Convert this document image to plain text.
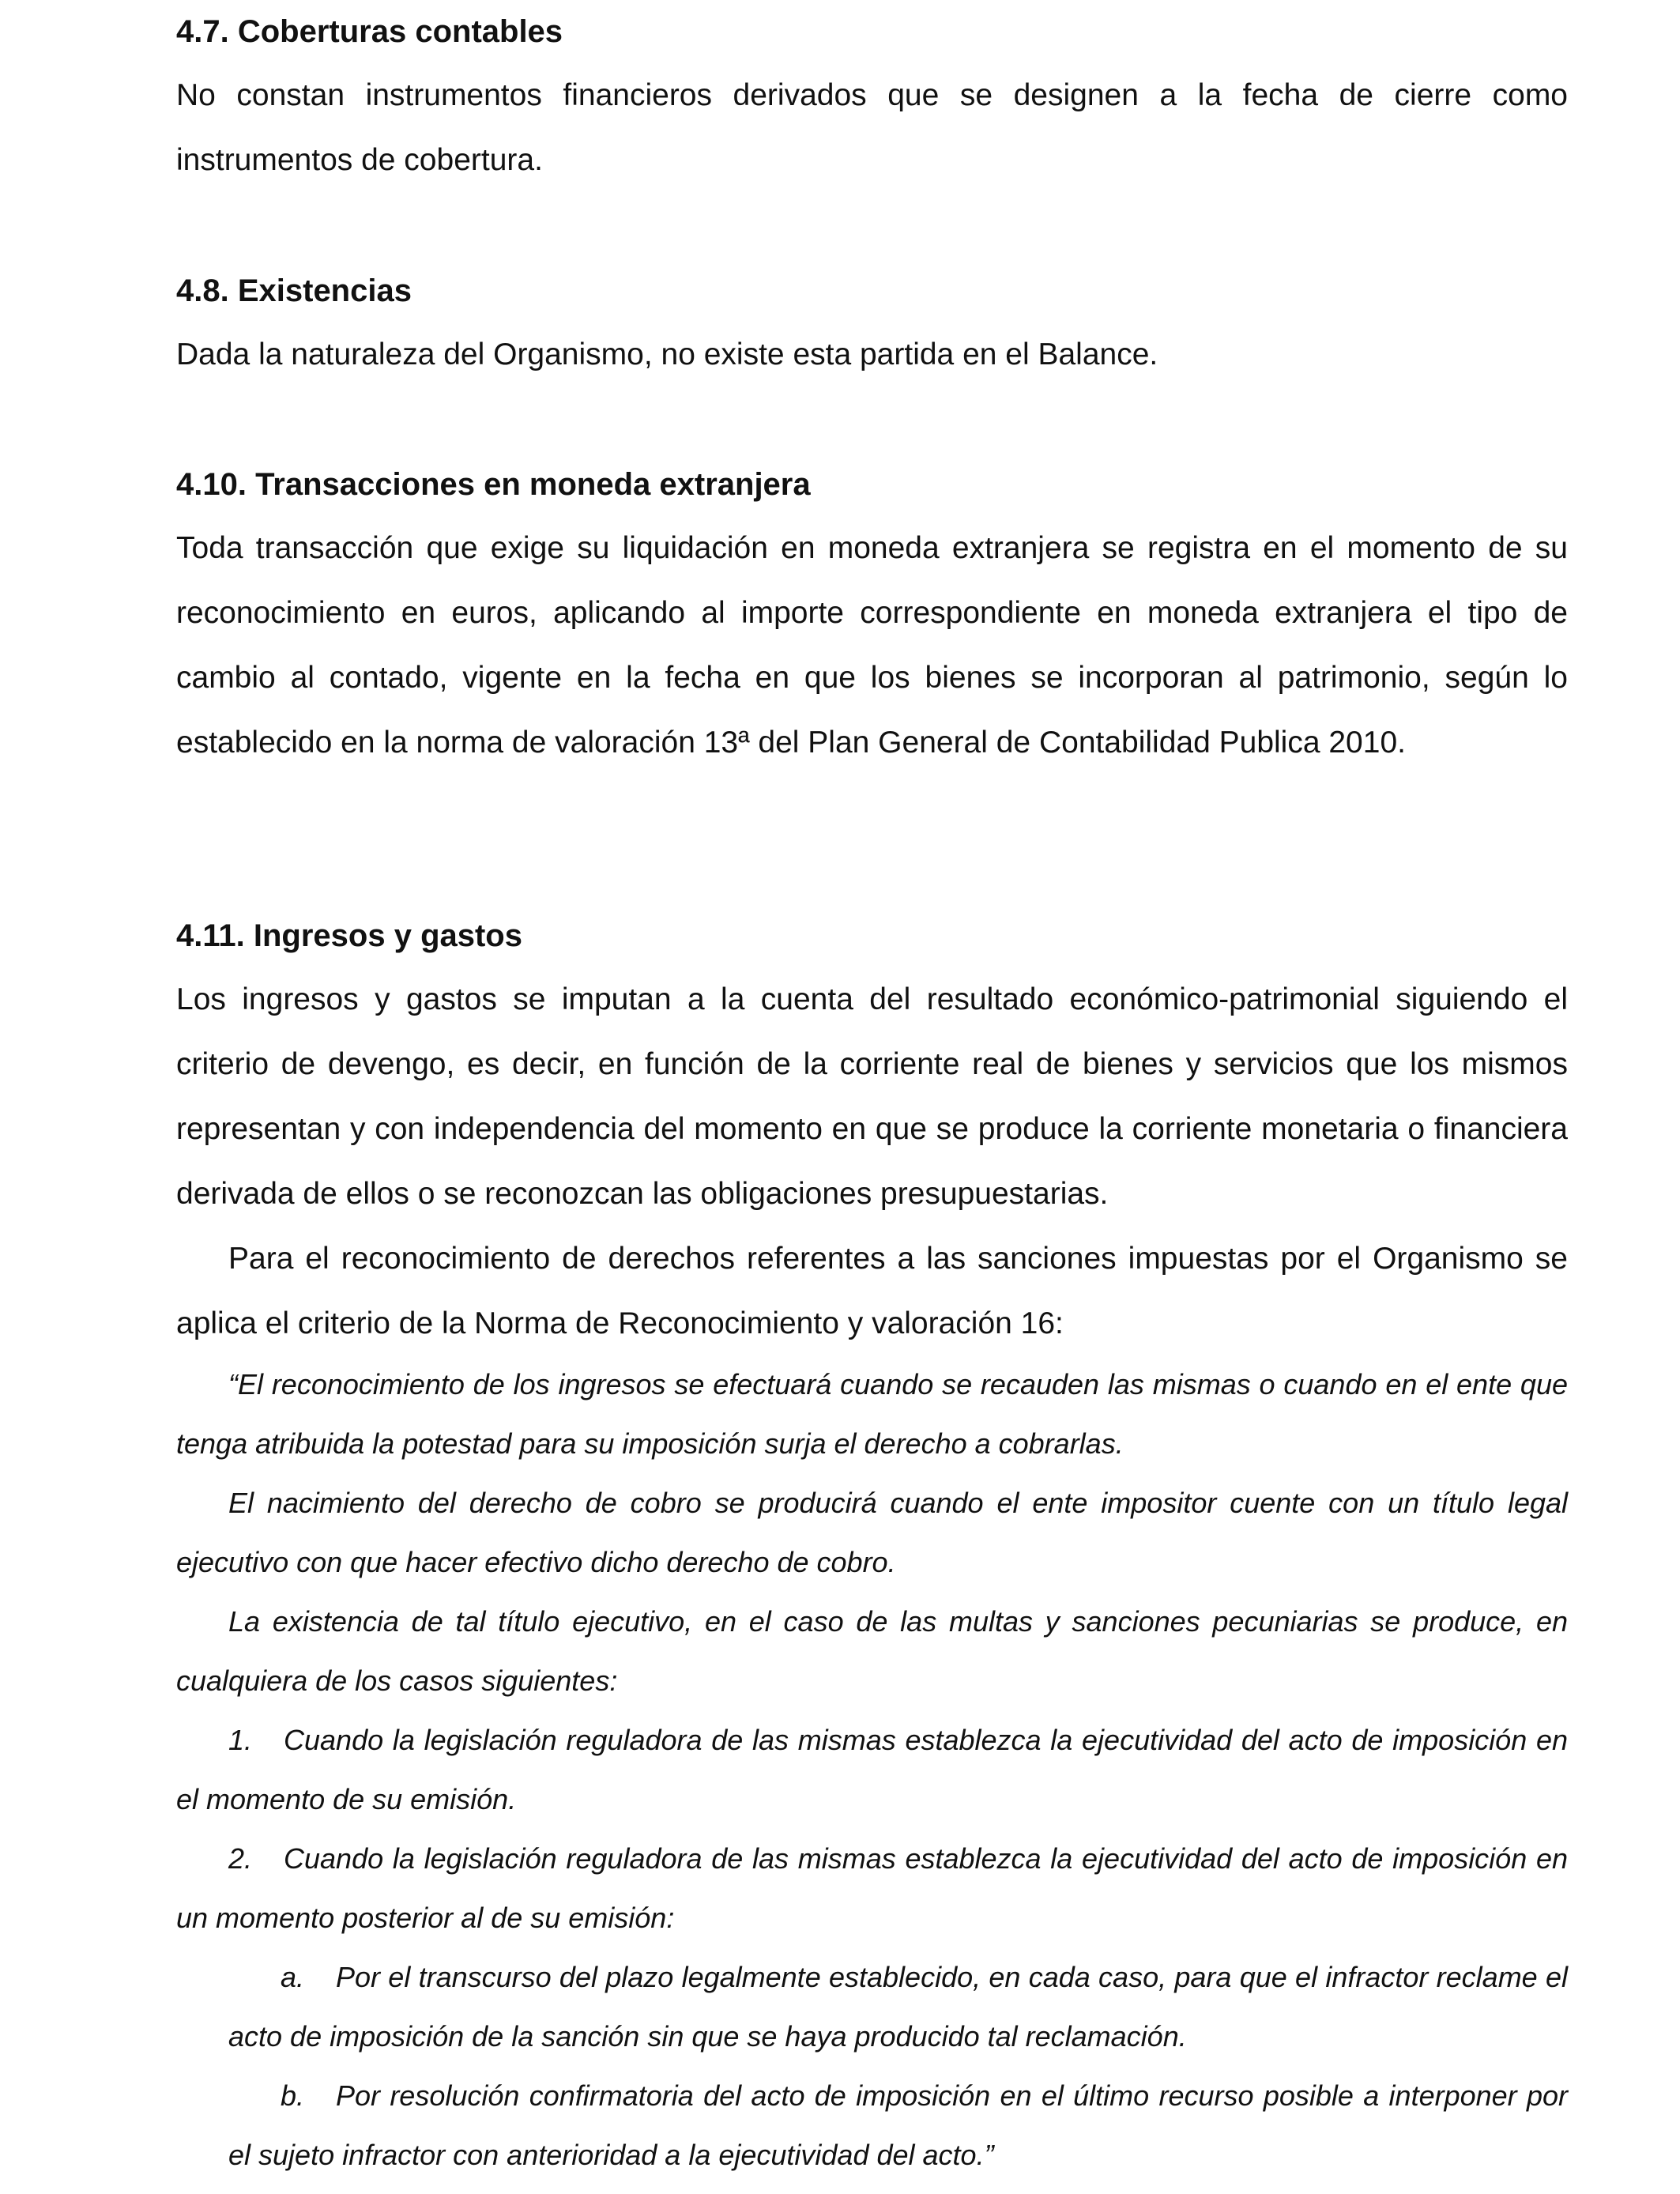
4.7. Coberturas contables

No constan instrumentos financieros derivados que se designen a la fecha de cierre como instrumentos de cobertura.

4.8. Existencias

Dada la naturaleza del Organismo, no existe esta partida en el Balance.

4.10. Transacciones en moneda extranjera

Toda transacción que exige su liquidación en moneda extranjera se registra en el momento de su reconocimiento en euros, aplicando al importe correspondiente en moneda extranjera el tipo de cambio al contado, vigente en la fecha en que los bienes se incorporan al patrimonio, según lo establecido en la norma de valoración 13ª del Plan General de Contabilidad Publica 2010.

4.11. Ingresos y gastos

Los ingresos y gastos se imputan a la cuenta del resultado económico-patrimonial siguiendo el criterio de devengo, es decir, en función de la corriente real de bienes y servicios que los mismos representan y con independencia del momento en que se produce la corriente monetaria o financiera derivada de ellos o se reconozcan las obligaciones presupuestarias.

Para el reconocimiento de derechos referentes a las sanciones impuestas por el Organismo se aplica el criterio de la Norma de Reconocimiento y valoración 16:

“El reconocimiento de los ingresos se efectuará cuando se recauden las mismas o cuando en el ente que tenga atribuida la potestad para su imposición surja el derecho a cobrarlas.

El nacimiento del derecho de cobro se producirá cuando el ente impositor cuente con un título legal ejecutivo con que hacer efectivo dicho derecho de cobro.

La existencia de tal título ejecutivo, en el caso de las multas y sanciones pecuniarias se produce, en cualquiera de los casos siguientes:

1. Cuando la legislación reguladora de las mismas establezca la ejecutividad del acto de imposición en el momento de su emisión.

2. Cuando la legislación reguladora de las mismas establezca la ejecutividad del acto de imposición en un momento posterior al de su emisión:

a. Por el transcurso del plazo legalmente establecido, en cada caso, para que el infractor reclame el acto de imposición de la sanción sin que se haya producido tal reclamación.

b. Por resolución confirmatoria del acto de imposición en el último recurso posible a interponer por el sujeto infractor con anterioridad a la ejecutividad del acto.”
